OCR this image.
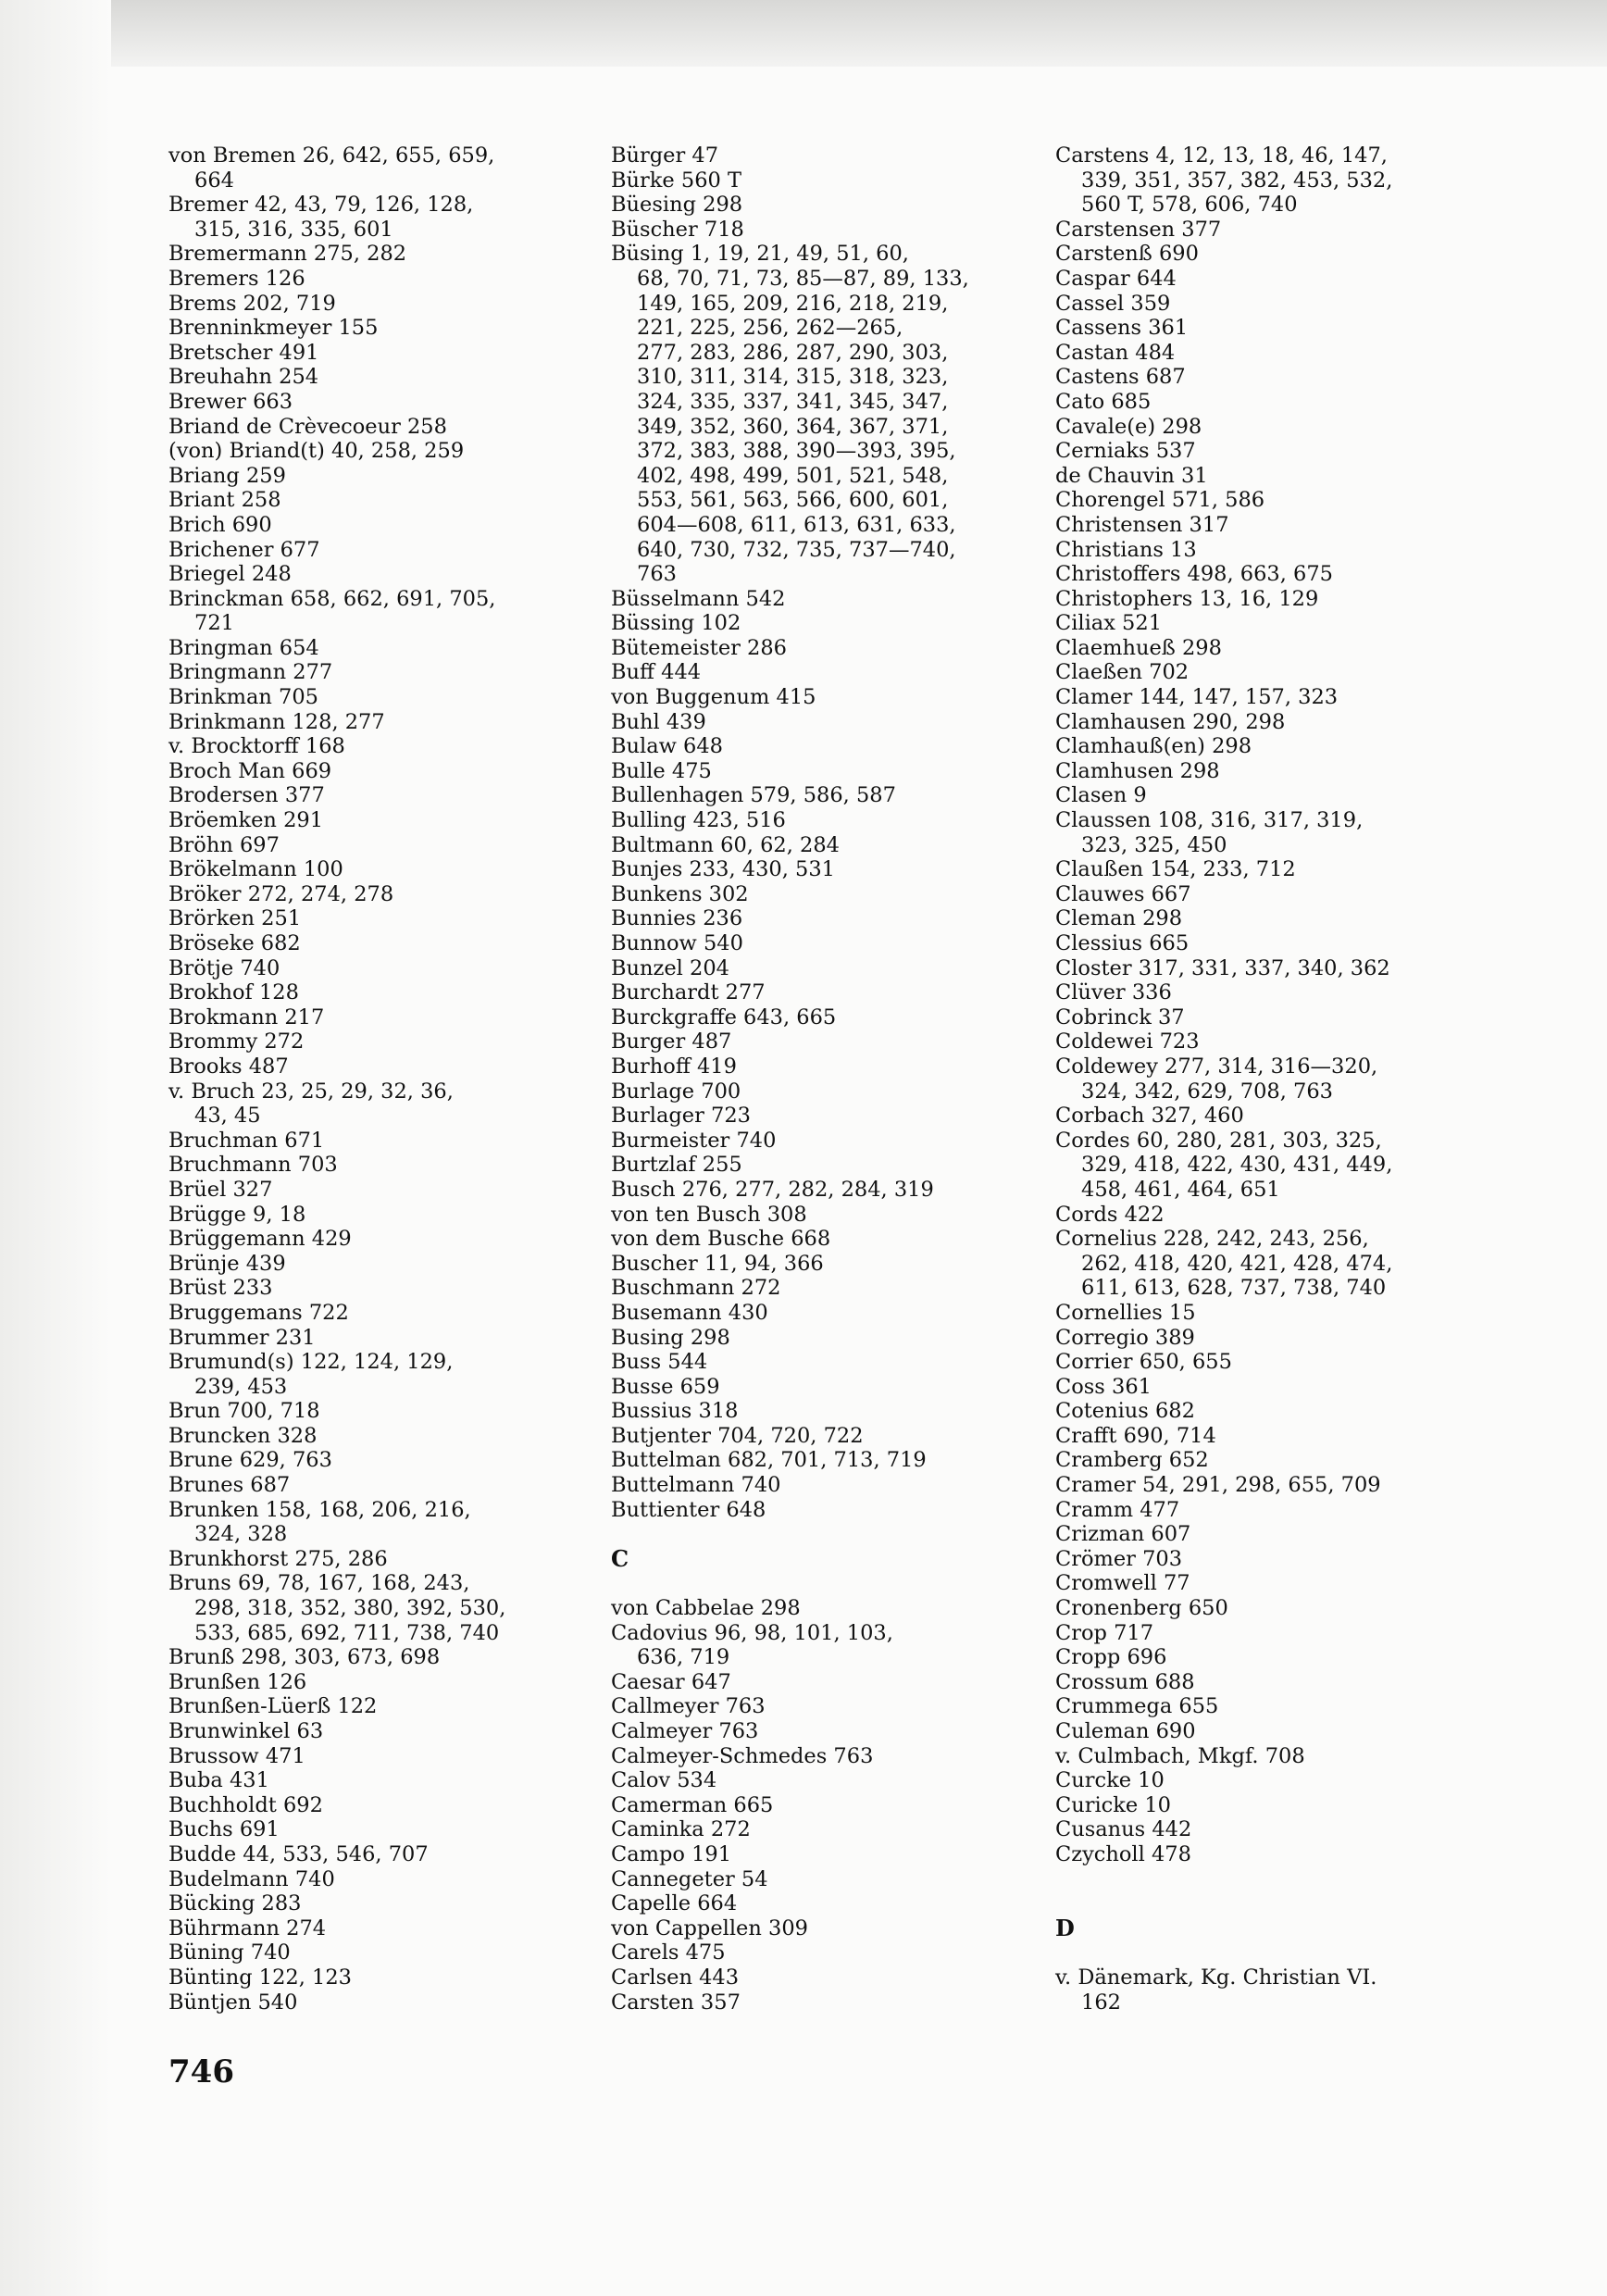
von Bremen 26, 642, 655, 659,
664
Bremer 42, 43, 79, 126, 128,
315, 316, 335, 601
Bremermann 275, 282
Bremers 126
Brems 202, 719
Brenninkmeyer 155
Bretscher 491
Breuhahn 254
Brewer 663
Briand de Crèvecoeur 258
(von) Briand(t) 40, 258, 259
Briang 259
Briant 258
Brich 690
Brichener 677
Briegel 248
Brinckman 658, 662, 691, 705,
721
Bringman 654
Bringmann 277
Brinkman 705
Brinkmann 128, 277
v. Brocktorff 168
Broch Man 669
Brodersen 377
Bröemken 291
Bröhn 697
Brökelmann 100
Bröker 272, 274, 278
Brörken 251
Bröseke 682
Brötje 740
Brokhof 128
Brokmann 217
Brommy 272
Brooks 487
v. Bruch 23, 25, 29, 32, 36,
43, 45
Bruchman 671
Bruchmann 703
Brüel 327
Brügge 9, 18
Brüggemann 429
Brünje 439
Brüst 233
Bruggemans 722
Brummer 231
Brumund(s) 122, 124, 129,
239, 453
Brun 700, 718
Bruncken 328
Brune 629, 763
Brunes 687
Brunken 158, 168, 206, 216,
324, 328
Brunkhorst 275, 286
Bruns 69, 78, 167, 168, 243,
298, 318, 352, 380, 392, 530,
533, 685, 692, 711, 738, 740
Brunß 298, 303, 673, 698
Brunßen 126
Brunßen-Lüerß 122
Brunwinkel 63
Brussow 471
Buba 431
Buchholdt 692
Buchs 691
Budde 44, 533, 546, 707
Budelmann 740
Bücking 283
Bührmann 274
Büning 740
Bünting 122, 123
Büntjen 540
Bürger 47
Bürke 560 T
Büesing 298
Büscher 718
Büsing 1, 19, 21, 49, 51, 60,
68, 70, 71, 73, 85—87, 89, 133,
149, 165, 209, 216, 218, 219,
221, 225, 256, 262—265,
277, 283, 286, 287, 290, 303,
310, 311, 314, 315, 318, 323,
324, 335, 337, 341, 345, 347,
349, 352, 360, 364, 367, 371,
372, 383, 388, 390—393, 395,
402, 498, 499, 501, 521, 548,
553, 561, 563, 566, 600, 601,
604—608, 611, 613, 631, 633,
640, 730, 732, 735, 737—740,
763
Büsselmann 542
Büssing 102
Bütemeister 286
Buff 444
von Buggenum 415
Buhl 439
Bulaw 648
Bulle 475
Bullenhagen 579, 586, 587
Bulling 423, 516
Bultmann 60, 62, 284
Bunjes 233, 430, 531
Bunkens 302
Bunnies 236
Bunnow 540
Bunzel 204
Burchardt 277
Burckgraffe 643, 665
Burger 487
Burhoff 419
Burlage 700
Burlager 723
Burmeister 740
Burtzlaf 255
Busch 276, 277, 282, 284, 319
von ten Busch 308
von dem Busche 668
Buscher 11, 94, 366
Buschmann 272
Busemann 430
Busing 298
Buss 544
Busse 659
Bussius 318
Butjenter 704, 720, 722
Buttelman 682, 701, 713, 719
Buttelmann 740
Buttienter 648
C
von Cabbelae 298
Cadovius 96, 98, 101, 103,
636, 719
Caesar 647
Callmeyer 763
Calmeyer 763
Calmeyer-Schmedes 763
Calov 534
Camerman 665
Caminka 272
Campo 191
Cannegeter 54
Capelle 664
von Cappellen 309
Carels 475
Carlsen 443
Carsten 357
Carstens 4, 12, 13, 18, 46, 147,
339, 351, 357, 382, 453, 532,
560 T, 578, 606, 740
Carstensen 377
Carstenß 690
Caspar 644
Cassel 359
Cassens 361
Castan 484
Castens 687
Cato 685
Cavale(e) 298
Cerniaks 537
de Chauvin 31
Chorengel 571, 586
Christensen 317
Christians 13
Christoffers 498, 663, 675
Christophers 13, 16, 129
Ciliax 521
Claemhueß 298
Claeßen 702
Clamer 144, 147, 157, 323
Clamhausen 290, 298
Clamhauß(en) 298
Clamhusen 298
Clasen 9
Claussen 108, 316, 317, 319,
323, 325, 450
Claußen 154, 233, 712
Clauwes 667
Cleman 298
Clessius 665
Closter 317, 331, 337, 340, 362
Clüver 336
Cobrinck 37
Coldewei 723
Coldewey 277, 314, 316—320,
324, 342, 629, 708, 763
Corbach 327, 460
Cordes 60, 280, 281, 303, 325,
329, 418, 422, 430, 431, 449,
458, 461, 464, 651
Cords 422
Cornelius 228, 242, 243, 256,
262, 418, 420, 421, 428, 474,
611, 613, 628, 737, 738, 740
Cornellies 15
Corregio 389
Corrier 650, 655
Coss 361
Cotenius 682
Crafft 690, 714
Cramberg 652
Cramer 54, 291, 298, 655, 709
Cramm 477
Crizman 607
Crömer 703
Cromwell 77
Cronenberg 650
Crop 717
Cropp 696
Crossum 688
Crummega 655
Culeman 690
v. Culmbach, Mkgf. 708
Curcke 10
Curicke 10
Cusanus 442
Czycholl 478
D
v. Dänemark, Kg. Christian VI.
162
746
